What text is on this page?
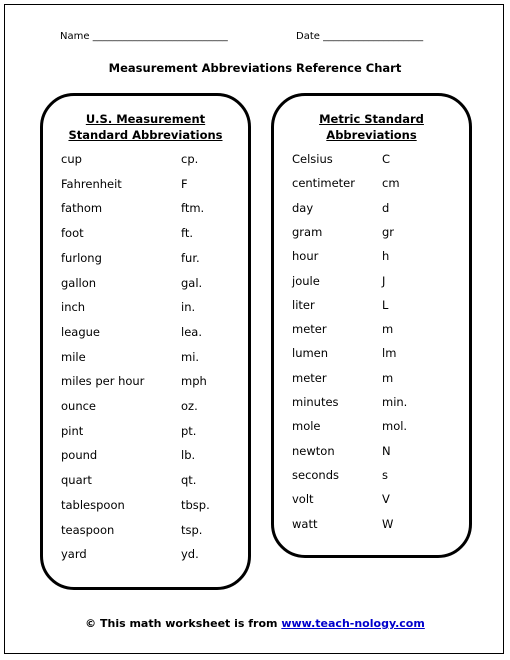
Name ___________________________	Date ____________________
Measurement Abbreviations Reference Chart
U.S. Measurement
Standard Abbreviations
cup	cp.
Fahrenheit	F
fathom	ftm.
foot	ft.
furlong	fur.
gallon	gal.
inch	in.
league	lea.
mile	mi.
miles per hour	mph
ounce	oz.
pint	pt.
pound	lb.
quart	qt.
tablespoon	tbsp.
teaspoon	tsp.
yard	yd.
Metric Standard
Abbreviations
Celsius	C
centimeter cm
day	d
gram	gr
hour	h
joule	J
liter	L
meter	m
lumen	lm
meter	m
minutes	min.
mole	mol.
newton	N
seconds	s
volt	V
watt	W
© This math worksheet is from www.teach-nology.com
